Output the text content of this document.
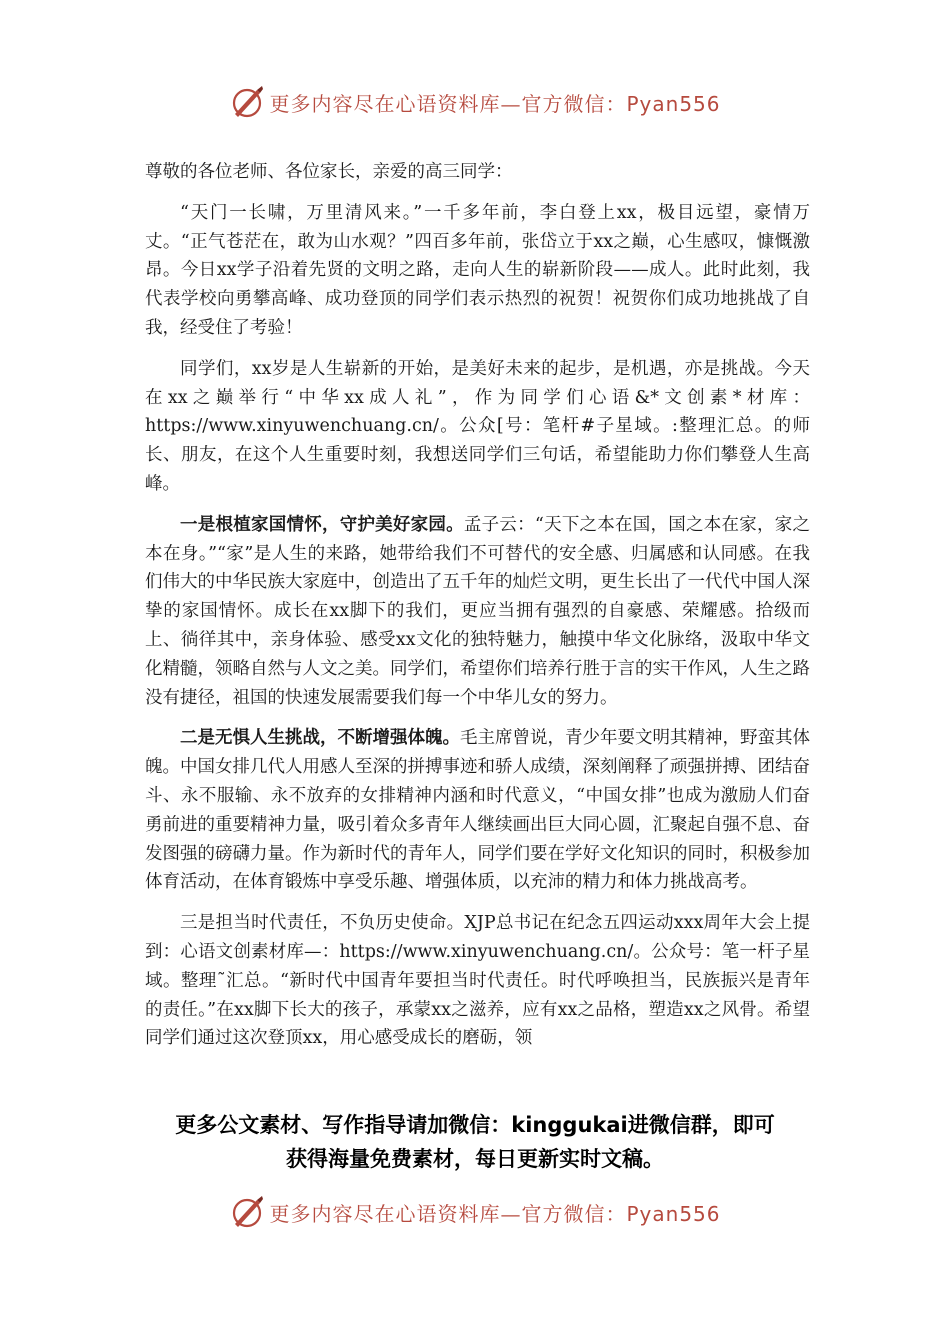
更多内容尽在心语资料库—官方微信：Pyan556

尊敬的各位老师、各位家长，亲爱的高三同学：

“天门一长啸，万里清风来。”一千多年前，李白登上xx，极目远望，豪情万丈。“正气苍茫在，敢为山水观？”四百多年前，张岱立于xx之巅，心生感叹，慷慨激昂。今日xx学子沿着先贤的文明之路，走向人生的崭新阶段——成人。此时此刻，我代表学校向勇攀高峰、成功登顶的同学们表示热烈的祝贺！祝贺你们成功地挑战了自我，经受住了考验！

同学们，xx岁是人生崭新的开始，是美好未来的起步，是机遇，亦是挑战。今天在xx之巅举行“中华xx成人礼”，作为同学们心语&*文创素*材库：https://www.xinyuwenchuang.cn/。公众[号：笔杆#子星域。:整理汇总。的师长、朋友，在这个人生重要时刻，我想送同学们三句话，希望能助力你们攀登人生高峰。

一是根植家国情怀，守护美好家园。孟子云：“天下之本在国，国之本在家，家之本在身。”“家”是人生的来路，她带给我们不可替代的安全感、归属感和认同感。在我们伟大的中华民族大家庭中，创造出了五千年的灿烂文明，更生长出了一代代中国人深挚的家国情怀。成长在xx脚下的我们，更应当拥有强烈的自豪感、荣耀感。拾级而上、徜徉其中，亲身体验、感受xx文化的独特魅力，触摸中华文化脉络，汲取中华文化精髓，领略自然与人文之美。同学们，希望你们培养行胜于言的实干作风，人生之路没有捷径，祖国的快速发展需要我们每一个中华儿女的努力。

二是无惧人生挑战，不断增强体魄。毛主席曾说，青少年要文明其精神，野蛮其体魄。中国女排几代人用感人至深的拼搏事迹和骄人成绩，深刻阐释了顽强拼搏、团结奋斗、永不服输、永不放弃的女排精神内涵和时代意义，“中国女排”也成为激励人们奋勇前进的重要精神力量，吸引着众多青年人继续画出巨大同心圆，汇聚起自强不息、奋发图强的磅礴力量。作为新时代的青年人，同学们要在学好文化知识的同时，积极参加体育活动，在体育锻炼中享受乐趣、增强体质，以充沛的精力和体力挑战高考。

三是担当时代责任，不负历史使命。XJP总书记在纪念五四运动xxx周年大会上提到：心语文创素材库—：https://www.xinyuwenchuang.cn/。公众号：笔一杆子星域。整理˜汇总。“新时代中国青年要担当时代责任。时代呼唤担当，民族振兴是青年的责任。”在xx脚下长大的孩子，承蒙xx之滋养，应有xx之品格，塑造xx之风骨。希望同学们通过这次登顶xx，用心感受成长的磨砺，领

更多公文素材、写作指导请加微信：kinggukai进微信群，即可
获得海量免费素材，每日更新实时文稿。
更多内容尽在心语资料库—官方微信：Pyan556
